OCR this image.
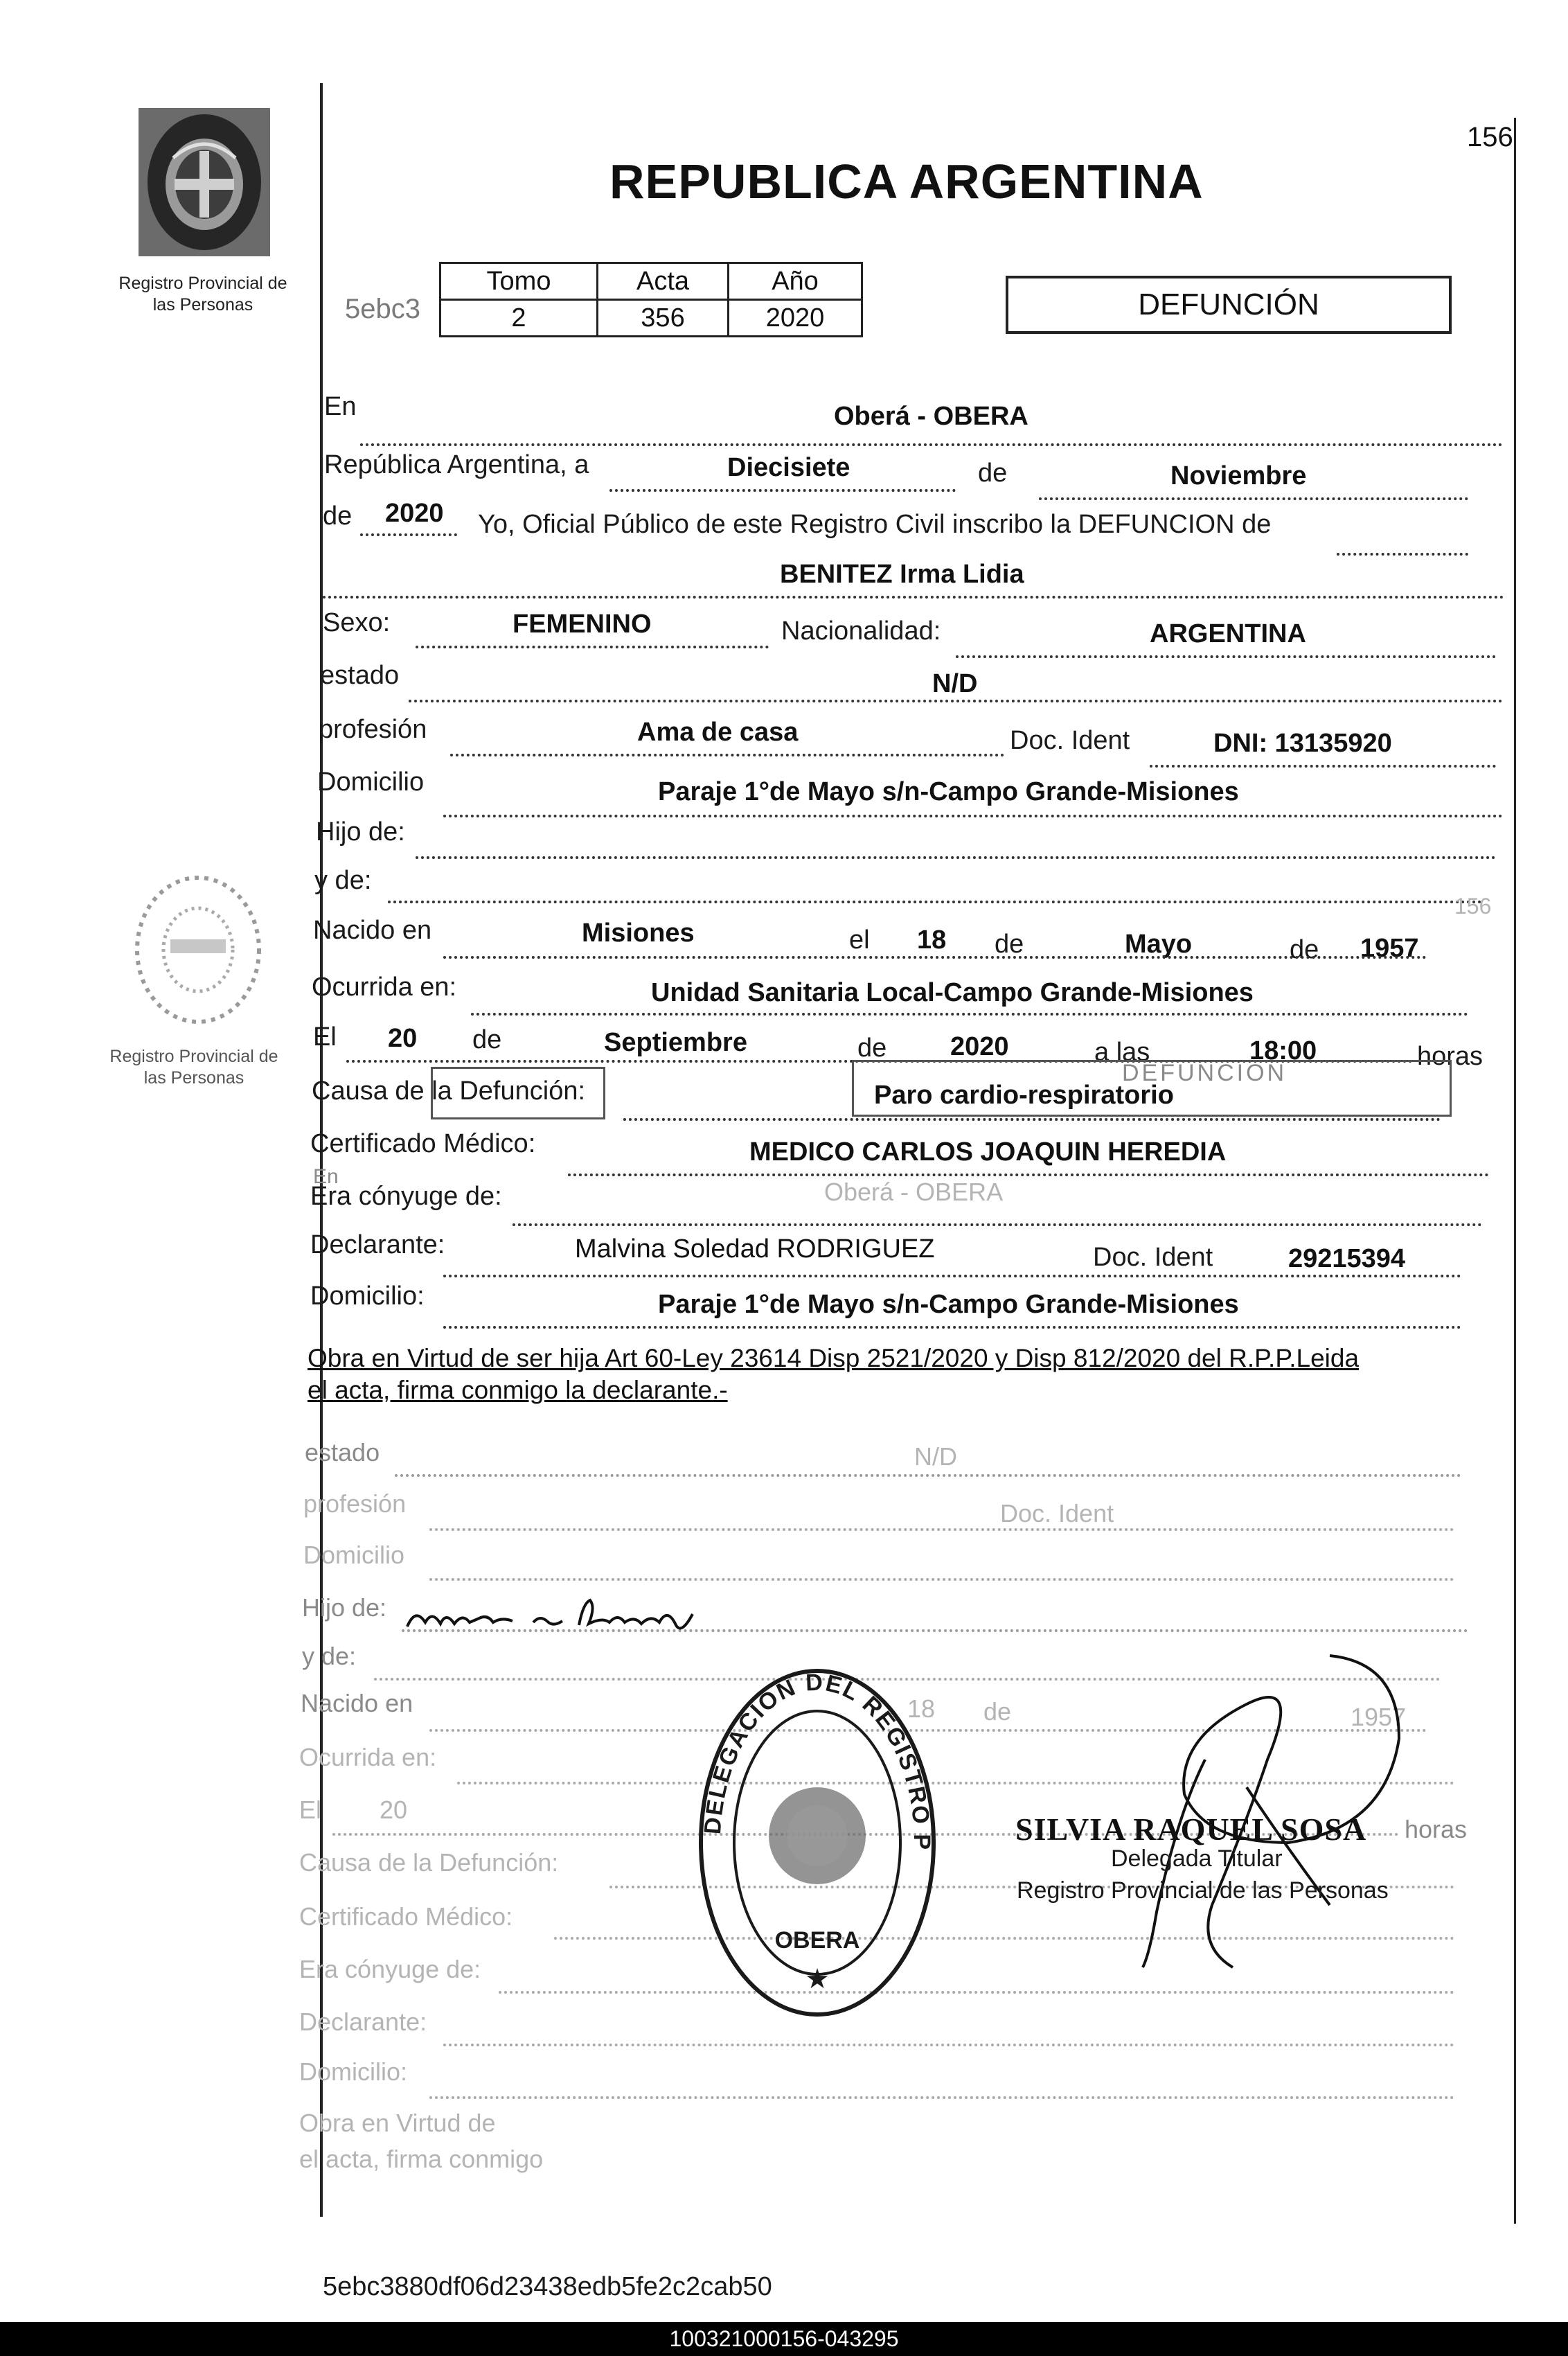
156
Registro Provincial de
las Personas
REPUBLICA ARGENTINA
5ebc3
Tomo	Acta	Año
2	356	2020	DEFUNCIÓN
En	Oberá - OBERA
República Argentina, a	Diecisiete	de	Noviembre
de 2020 Yo, Oficial Público de este Registro Civil inscribo la DEFUNCION de
BENITEZ Irma Lidia
Sexo:	FEMENINO	Nacionalidad:	ARGENTINA
estado	N/D
profesión	Ama de casa	Doc. Ident	DNI: 13135920
Domicilio	Paraje 1°de Mayo s/n-Campo Grande-Misiones
Hijo de:
y de:
156
Nacido en	Misiones	el 18 de	Mayo	de 1957
Ocurrida en:	Unidad Sanitaria Local-Campo Grande-Misiones
El 20 de	Septiembre	de 2020	a las	18:00	horas
Causa de la Defunción:
DEFUNCION
Paro cardio-respiratorio
Certificado Médico:	MEDICO CARLOS JOAQUIN HEREDIA
En
Era cónyuge de:	Oberá - OBERA
Declarante:	Malvina Soledad RODRIGUEZ	Doc. Ident	29215394
Domicilio:	Paraje 1°de Mayo s/n-Campo Grande-Misiones
Obra en Virtud de ser hija Art 60-Ley 23614 Disp 2521/2020 y Disp 812/2020 del R.P.P.Leida
el acta, firma conmigo la declarante.-
estado	N/D
profesión	Doc. Ident
Domicilio
Hijo de:
y de:
Nacido en	18 de	1957
Ocurrida en:
El 20
horas
Causa de la Defunción:
Certificado Médico:
Era cónyuge de:
Declarante:
Domicilio:
Obra en Virtud de
el acta, firma conmigo
DELEGACION DEL REGISTRO P
OBERA
★
SILVIA RAQUEL SOSA
Delegada Titular
Registro Provincial de las Personas
Registro Provincial de
las Personas
5ebc3880df06d23438edb5fe2c2cab50
100321000156-043295
